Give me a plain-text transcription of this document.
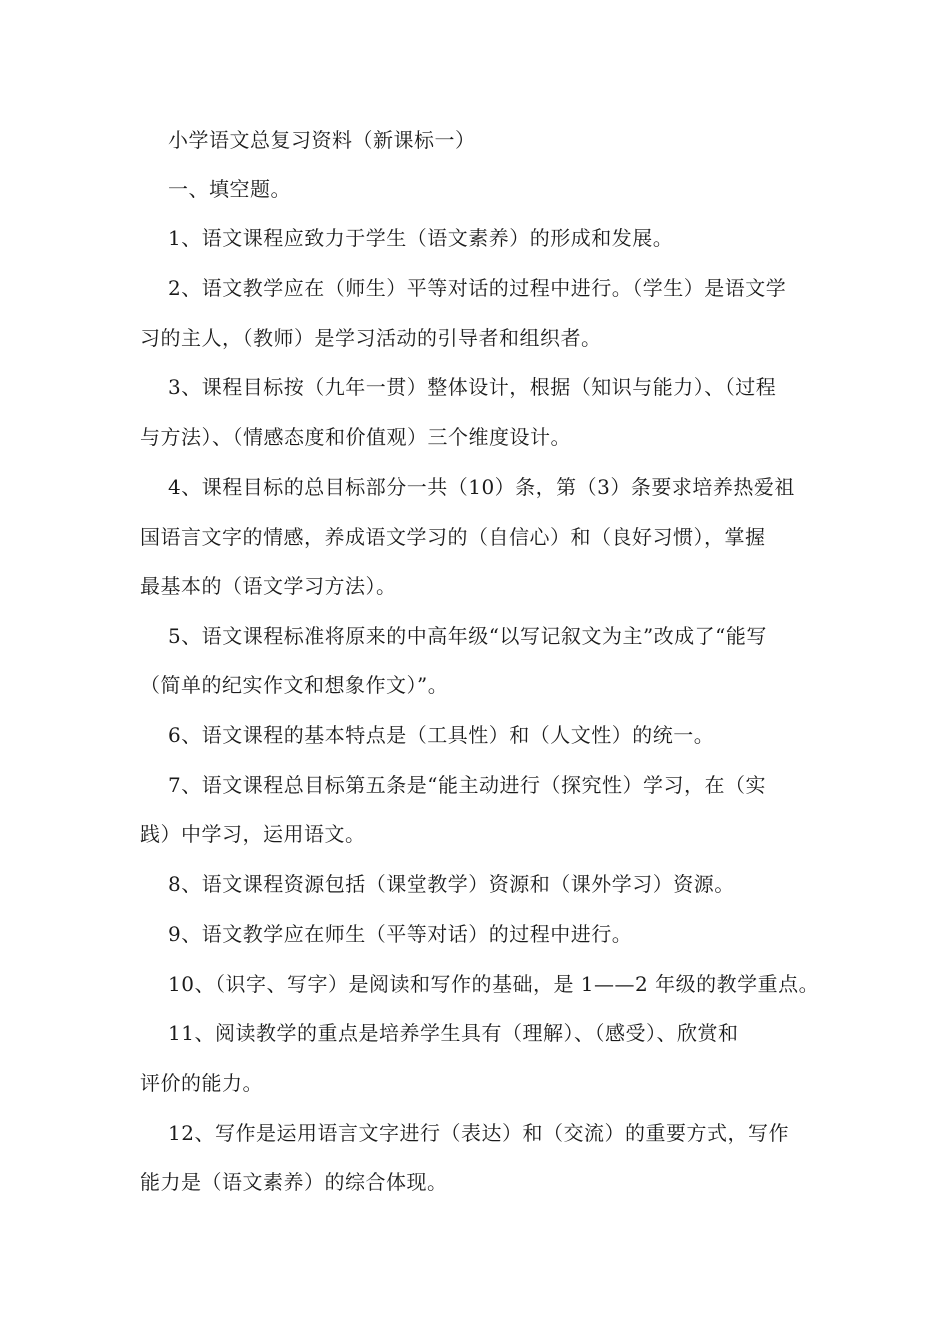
小学语文总复习资料（新课标一）
一、填空题。
1、语文课程应致力于学生（语文素养）的形成和发展。
2、语文教学应在（师生）平等对话的过程中进行。（学生）是语文学
习的主人，（教师）是学习活动的引导者和组织者。
3、课程目标按（九年一贯）整体设计，根据（知识与能力）、（过程
与方法）、（情感态度和价值观）三个维度设计。
4、课程目标的总目标部分一共（10）条，第（3）条要求培养热爱祖
国语言文字的情感，养成语文学习的（自信心）和（良好习惯），掌握
最基本的（语文学习方法）。
5、语文课程标准将原来的中高年级“以写记叙文为主”改成了“能写
（简单的纪实作文和想象作文）”。
6、语文课程的基本特点是（工具性）和（人文性）的统一。
7、语文课程总目标第五条是“能主动进行（探究性）学习，在（实
践）中学习，运用语文。
8、语文课程资源包括（课堂教学）资源和（课外学习）资源。
9、语文教学应在师生（平等对话）的过程中进行。
10、（识字、写字）是阅读和写作的基础，是 1——2 年级的教学重点。
11、阅读教学的重点是培养学生具有（理解）、（感受）、欣赏和
评价的能力。
12、写作是运用语言文字进行（表达）和（交流）的重要方式，写作
能力是（语文素养）的综合体现。
